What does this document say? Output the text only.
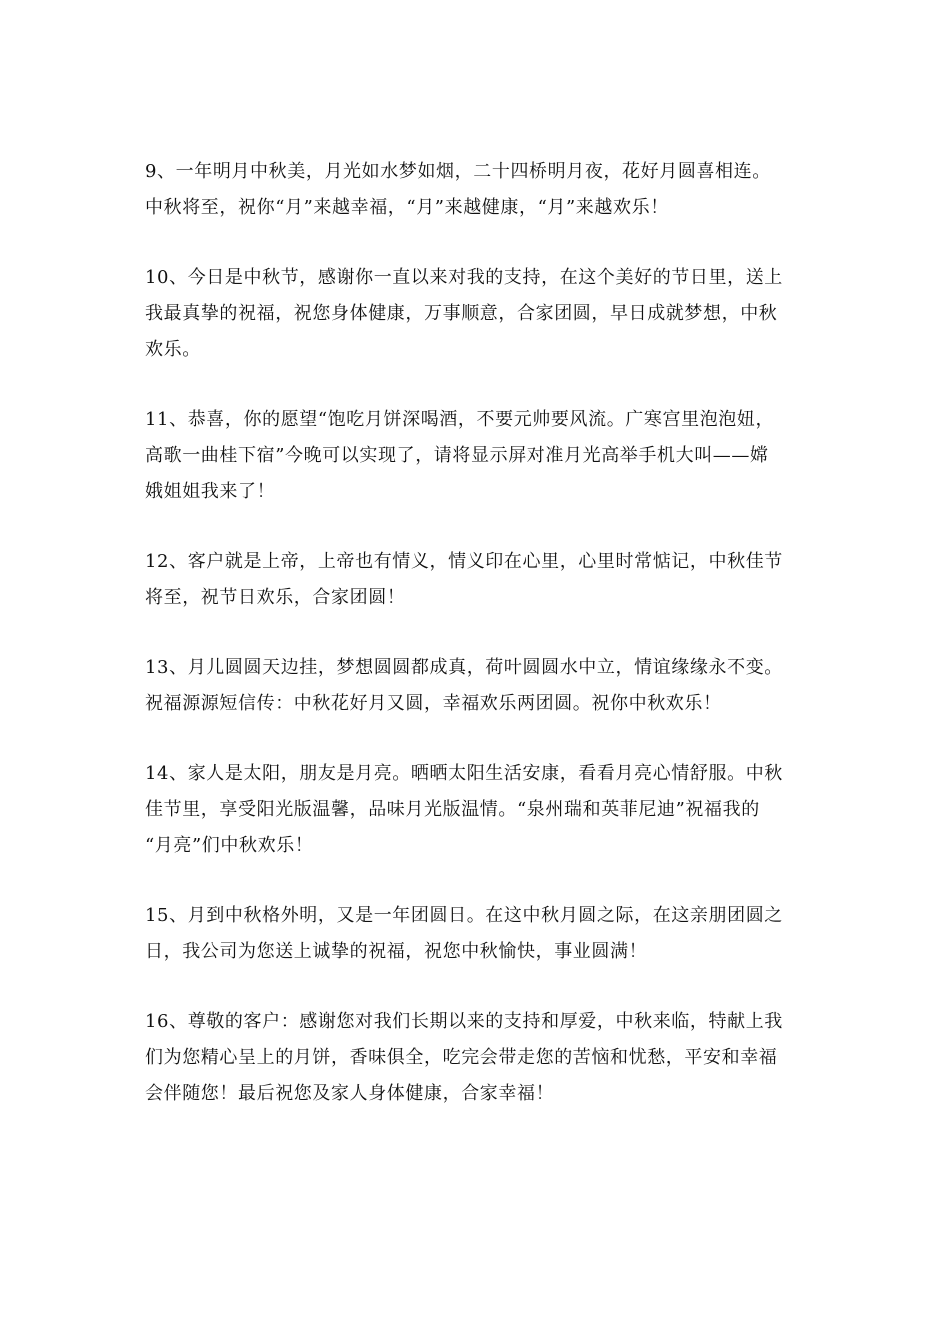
9、一年明月中秋美，月光如水梦如烟，二十四桥明月夜，花好月圆喜相连。
中秋将至，祝你“月”来越幸福，“月”来越健康，“月”来越欢乐！

10、今日是中秋节，感谢你一直以来对我的支持，在这个美好的节日里，送上
我最真挚的祝福，祝您身体健康，万事顺意，合家团圆，早日成就梦想，中秋
欢乐。

11、恭喜，你的愿望“饱吃月饼深喝酒，不要元帅要风流。广寒宫里泡泡妞，
高歌一曲桂下宿”今晚可以实现了，请将显示屏对准月光高举手机大叫——嫦
娥姐姐我来了！

12、客户就是上帝，上帝也有情义，情义印在心里，心里时常惦记，中秋佳节
将至，祝节日欢乐，合家团圆！

13、月儿圆圆天边挂，梦想圆圆都成真，荷叶圆圆水中立，情谊缘缘永不变。
祝福源源短信传：中秋花好月又圆，幸福欢乐两团圆。祝你中秋欢乐！

14、家人是太阳，朋友是月亮。晒晒太阳生活安康，看看月亮心情舒服。中秋
佳节里，享受阳光版温馨，品味月光版温情。“泉州瑞和英菲尼迪”祝福我的
“月亮”们中秋欢乐！

15、月到中秋格外明，又是一年团圆日。在这中秋月圆之际，在这亲朋团圆之
日，我公司为您送上诚挚的祝福，祝您中秋愉快，事业圆满！

16、尊敬的客户：感谢您对我们长期以来的支持和厚爱，中秋来临，特献上我
们为您精心呈上的月饼，香味俱全，吃完会带走您的苦恼和忧愁，平安和幸福
会伴随您！最后祝您及家人身体健康，合家幸福！
